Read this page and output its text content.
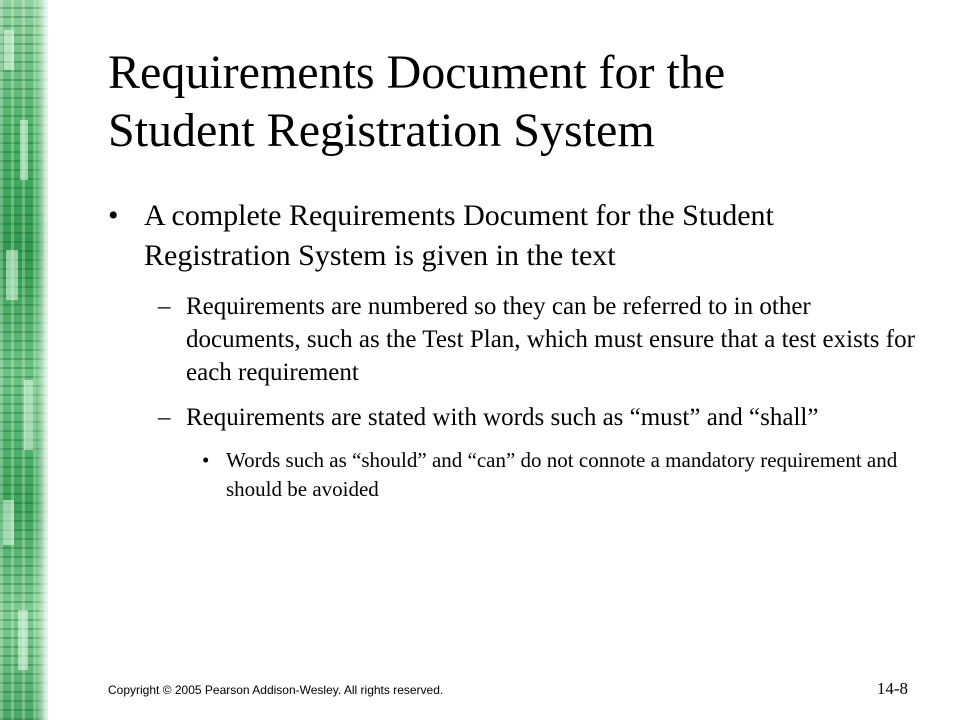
Requirements Document for the
Student Registration System

• A complete Requirements Document for the Student Registration System is given in the text

– Requirements are numbered so they can be referred to in other documents, such as the Test Plan, which must ensure that a test exists for each requirement

– Requirements are stated with words such as “must” and “shall”

• Words such as “should” and “can” do not connote a mandatory requirement and should be avoided

Copyright © 2005 Pearson Addison-Wesley. All rights reserved.	14-8
